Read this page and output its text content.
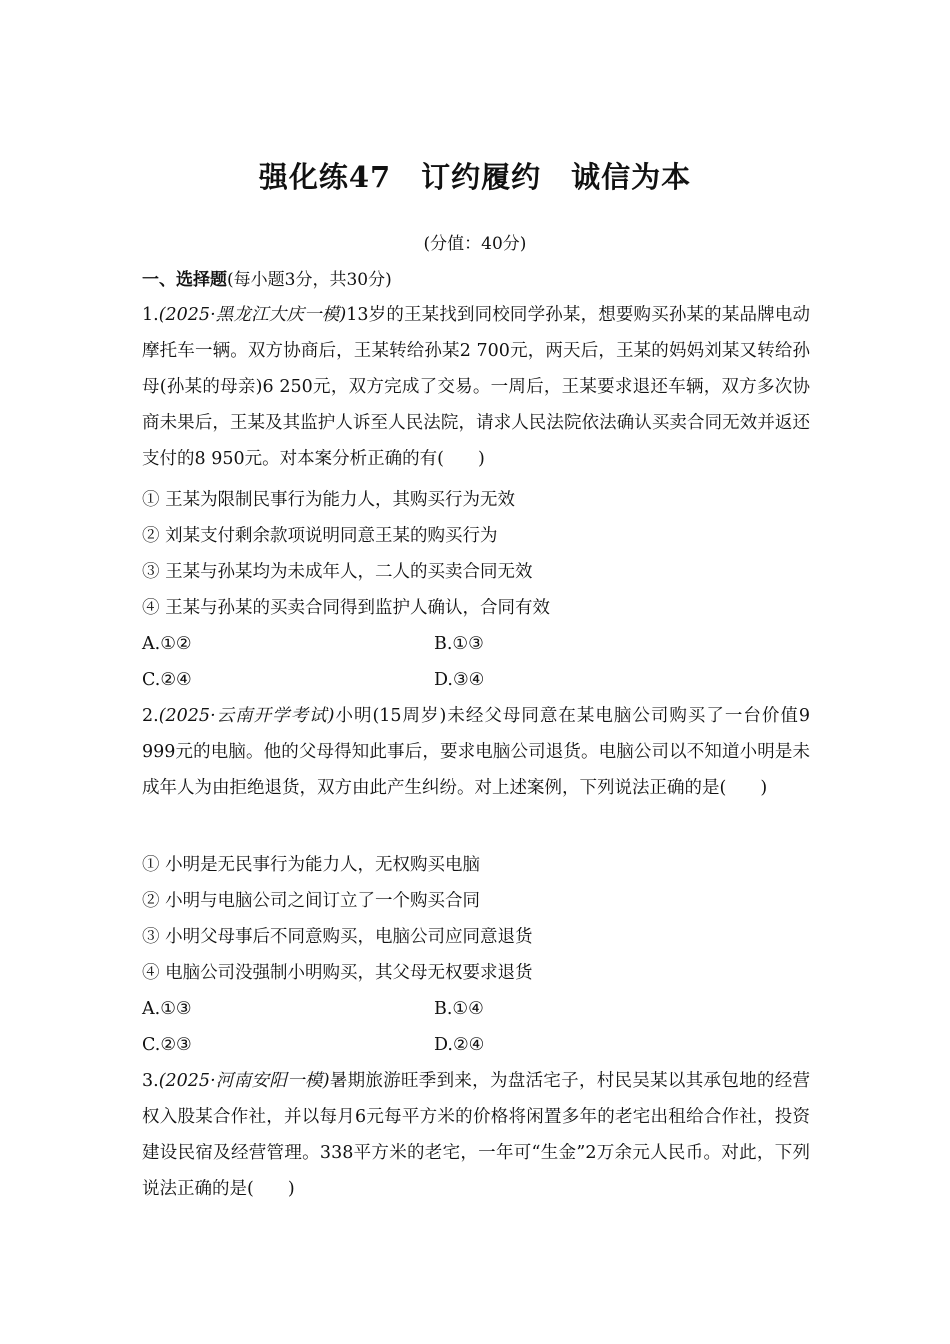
强化练47　订约履约　诚信为本
(分值：40分)
一、选择题(每小题3分，共30分)
1.(2025·黑龙江大庆一模)13岁的王某找到同校同学孙某，想要购买孙某的某品牌电动摩托车一辆。双方协商后，王某转给孙某2 700元，两天后，王某的妈妈刘某又转给孙母(孙某的母亲)6 250元，双方完成了交易。一周后，王某要求退还车辆，双方多次协商未果后，王某及其监护人诉至人民法院，请求人民法院依法确认买卖合同无效并返还支付的8 950元。对本案分析正确的有( )
① 王某为限制民事行为能力人，其购买行为无效
② 刘某支付剩余款项说明同意王某的购买行为
③ 王某与孙某均为未成年人，二人的买卖合同无效
④ 王某与孙某的买卖合同得到监护人确认，合同有效
A.①②	B.①③
C.②④	D.③④
2.(2025·云南开学考试)小明(15周岁)未经父母同意在某电脑公司购买了一台价值9 999元的电脑。他的父母得知此事后，要求电脑公司退货。电脑公司以不知道小明是未成年人为由拒绝退货，双方由此产生纠纷。对上述案例，下列说法正确的是( )
① 小明是无民事行为能力人，无权购买电脑
② 小明与电脑公司之间订立了一个购买合同
③ 小明父母事后不同意购买，电脑公司应同意退货
④ 电脑公司没强制小明购买，其父母无权要求退货
A.①③	B.①④
C.②③	D.②④
3.(2025·河南安阳一模)暑期旅游旺季到来，为盘活宅子，村民吴某以其承包地的经营权入股某合作社，并以每月6元每平方米的价格将闲置多年的老宅出租给合作社，投资建设民宿及经营管理。338平方米的老宅，一年可“生金”2万余元人民币。对此，下列说法正确的是( )
